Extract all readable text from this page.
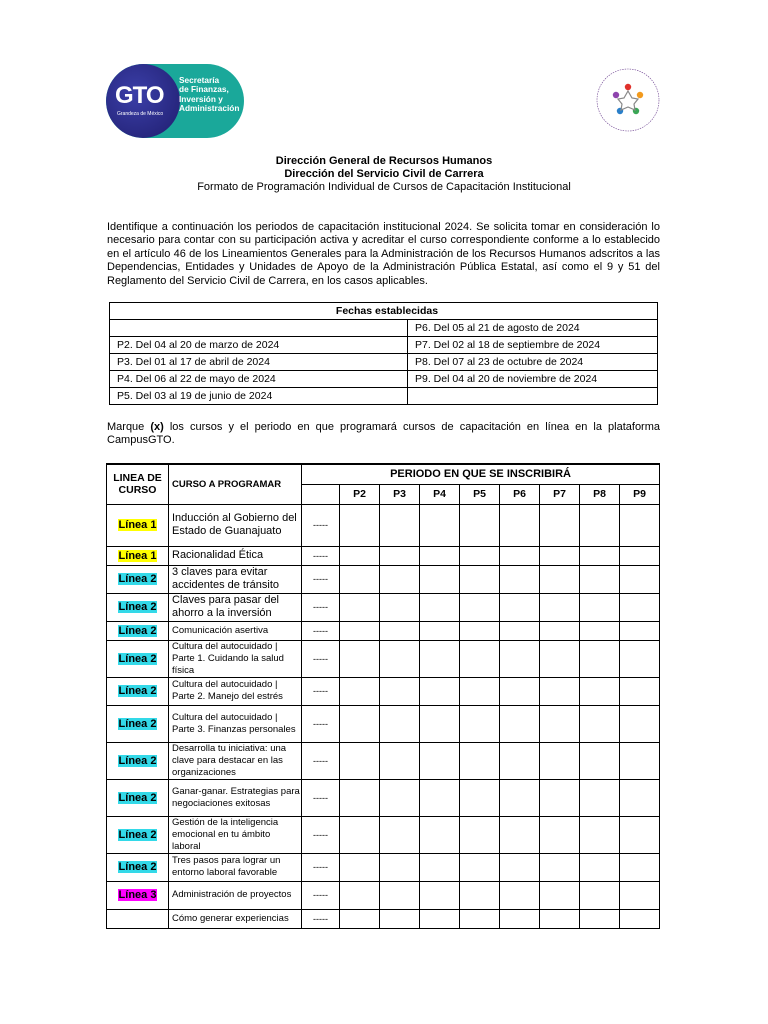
GTO
Grandeza de México
Secretaría
de Finanzas,
Inversión y
Administración
Dirección General de Recursos Humanos
Dirección del Servicio Civil de Carrera
Formato de Programación Individual de Cursos de Capacitación Institucional
Identifique a continuación los periodos de capacitación institucional 2024. Se solicita tomar en consideración lo necesario para contar con su participación activa y acreditar el curso correspondiente conforme a lo establecido en el artículo 46 de los Lineamientos Generales para la Administración de los Recursos Humanos adscritos a las Dependencias, Entidades y Unidades de Apoyo de la Administración Pública Estatal, así como el 9 y 51 del Reglamento del Servicio Civil de Carrera, en los casos aplicables.
Fechas establecidas	
	P6. Del 05 al 21 de agosto de 2024
P2. Del 04 al 20 de marzo de 2024	P7. Del 02 al 18 de septiembre de 2024
P3. Del 01 al 17 de abril de 2024	P8. Del 07 al 23 de octubre de 2024
P4. Del 06 al 22 de mayo de 2024	P9. Del 04 al 20 de noviembre de 2024
P5. Del 03 al 19 de junio de 2024	
Marque (x) los cursos y el periodo en que programará cursos de capacitación en línea en la plataforma CampusGTO.
LINEA DE CURSO	CURSO A PROGRAMAR	PERIODO EN QUE SE INSCRIBIRÁ								
			P2	P3	P4	P5	P6	P7	P8	P9
Línea 1	Inducción al Gobierno del Estado de Guanajuato	-----								
Línea 1	Racionalidad Ética	-----								
Línea 2	3 claves para evitar accidentes de tránsito	-----								
Línea 2	Claves para pasar del ahorro a la inversión	-----								
Línea 2	Comunicación asertiva	-----								
Línea 2	Cultura del autocuidado | Parte 1. Cuidando la salud física	-----								
Línea 2	Cultura del autocuidado | Parte 2. Manejo del estrés	-----								
Línea 2	Cultura del autocuidado | Parte 3. Finanzas personales	-----								
Línea 2	Desarrolla tu iniciativa: una clave para destacar en las organizaciones	-----								
Línea 2	Ganar-ganar. Estrategias para negociaciones exitosas	-----								
Línea 2	Gestión de la inteligencia emocional en tu ámbito laboral	-----								
Línea 2	Tres pasos para lograr un entorno laboral favorable	-----								
Línea 3	Administración de proyectos	-----								
	Cómo generar experiencias	-----								
